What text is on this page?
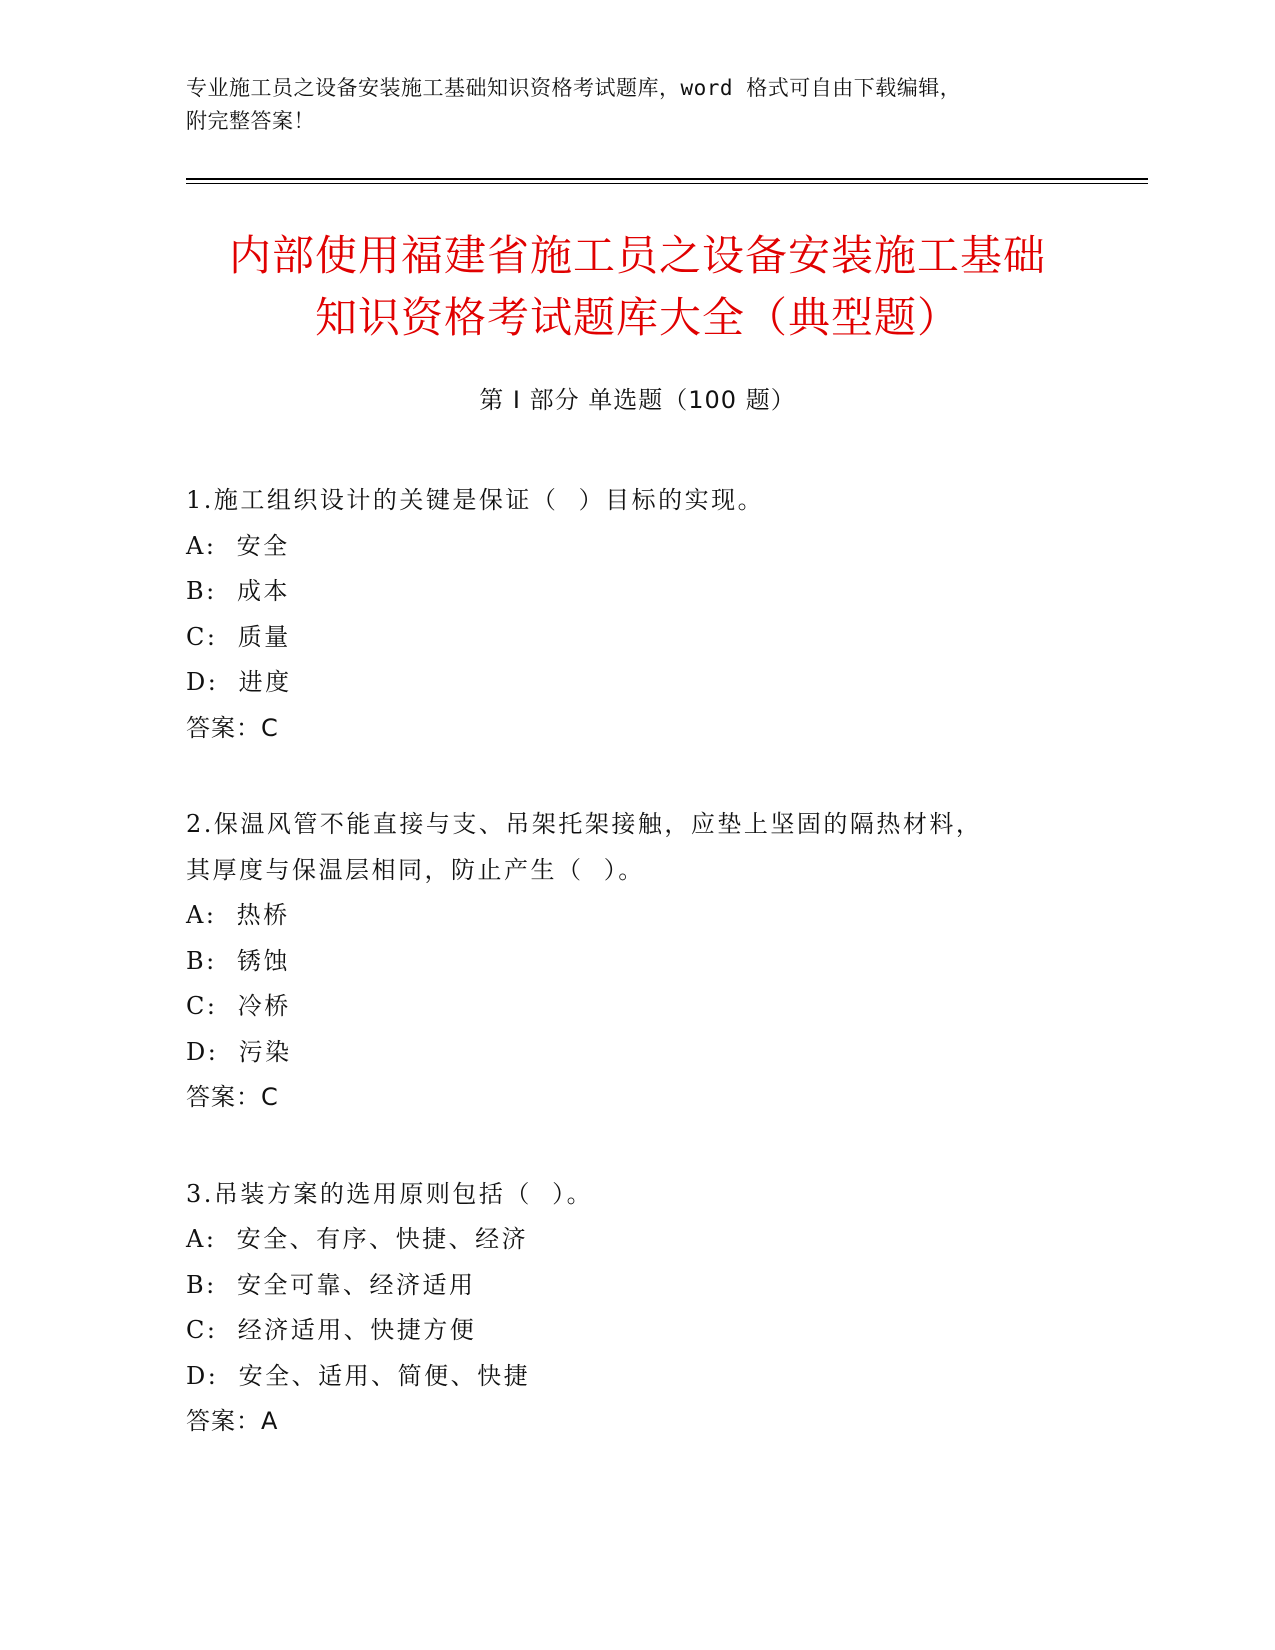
专业施工员之设备安装施工基础知识资格考试题库，word 格式可自由下载编辑，
附完整答案！
内部使用福建省施工员之设备安装施工基础
知识资格考试题库大全（典型题）
第 I 部分 单选题（100 题）
1.施工组织设计的关键是保证（  ）目标的实现。
A:  安全
B:  成本
C:  质量
D:  进度
答案：C
2.保温风管不能直接与支、吊架托架接触，应垫上坚固的隔热材料，
其厚度与保温层相同，防止产生（  ）。
A:  热桥
B:  锈蚀
C:  冷桥
D:  污染
答案：C
3.吊装方案的选用原则包括（  ）。
A:  安全、有序、快捷、经济
B:  安全可靠、经济适用
C:  经济适用、快捷方便
D:  安全、适用、简便、快捷
答案：A
